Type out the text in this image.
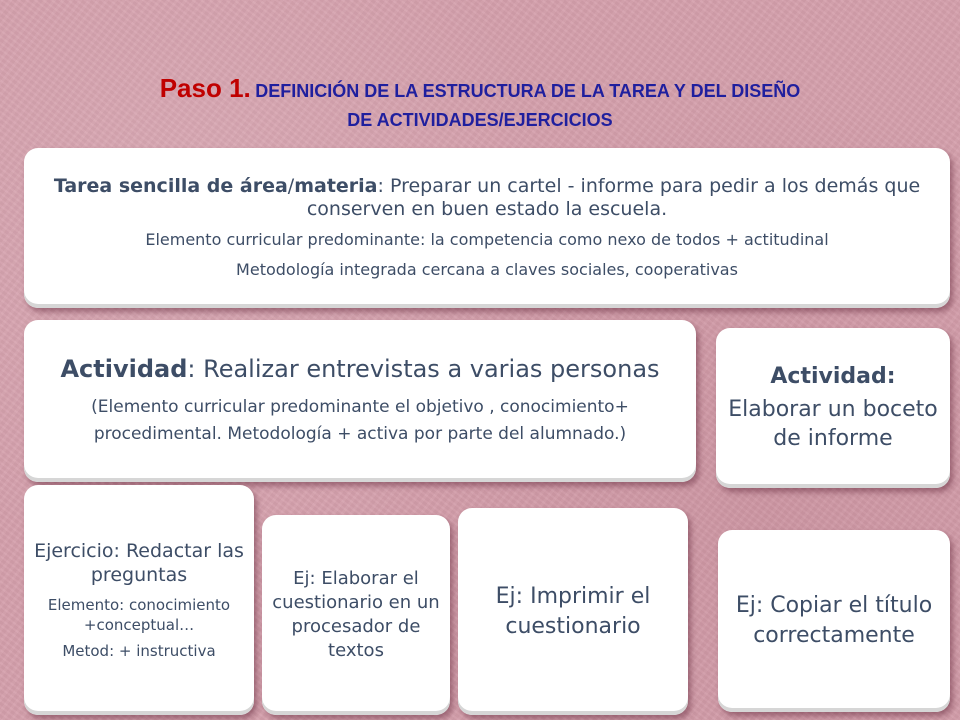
Paso 1. DEFINICIÓN DE LA ESTRUCTURA DE LA TAREA Y DEL DISEÑO
DE ACTIVIDADES/EJERCICIOS

Tarea sencilla de área/materia: Preparar un cartel - informe para pedir a los demás que conserven en buen estado la escuela.

Elemento curricular predominante: la competencia como nexo de todos + actitudinal

Metodología integrada cercana a claves sociales, cooperativas

Actividad: Realizar entrevistas a varias personas

(Elemento curricular predominante el objetivo , conocimiento+ procedimental. Metodología + activa por parte del alumnado.)

Actividad:

Elaborar un boceto de informe

Ejercicio: Redactar las preguntas

Elemento: conocimiento +conceptual…

Metod: + instructiva

Ej: Elaborar el cuestionario en un procesador de textos

Ej: Imprimir el cuestionario

Ej: Copiar el título correctamente
